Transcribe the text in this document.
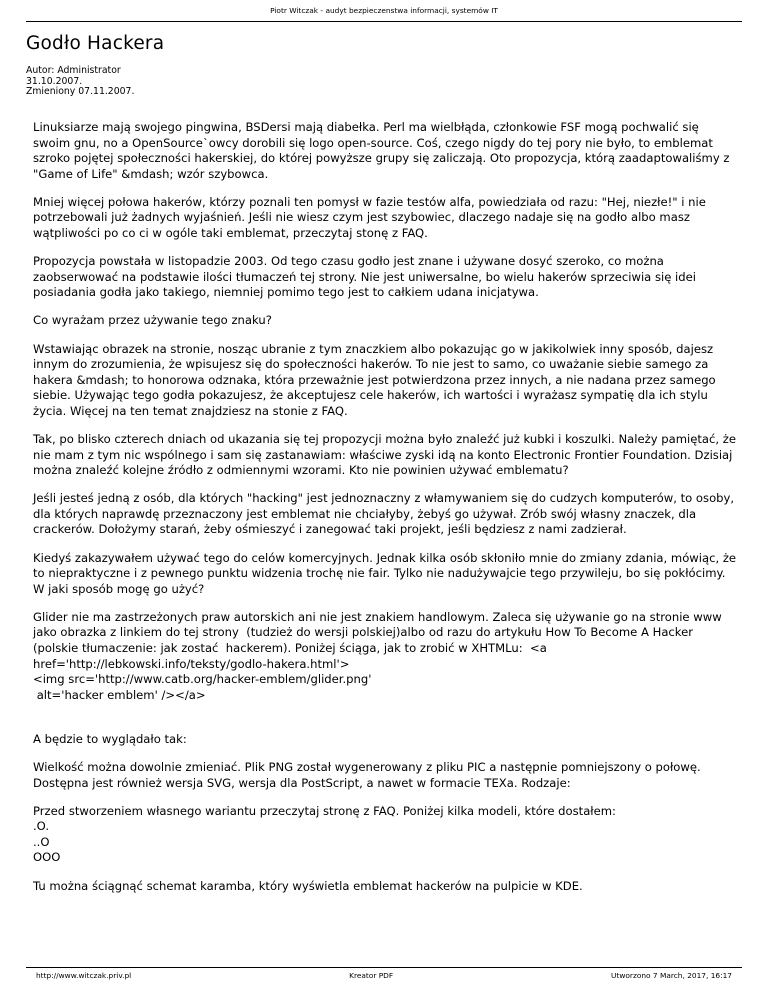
Piotr Witczak - audyt bezpieczenstwa informacji, systemów IT
Godło Hackera
Autor: Administrator
31.10.2007.
Zmieniony 07.11.2007.

Linuksiarze mają swojego pingwina, BSDersi mają diabełka. Perl ma wielbłąda, członkowie FSF mogą pochwalić się swoim gnu, no a OpenSource`owcy dorobili się logo open-source. Coś, czego nigdy do tej pory nie było, to emblemat szroko pojętej społeczności hakerskiej, do której powyższe grupy się zaliczają. Oto propozycja, którą zaadaptowaliśmy z "Game of Life" &mdash; wzór szybowca.

Mniej więcej połowa hakerów, którzy poznali ten pomysł w fazie testów alfa, powiedziała od razu: "Hej, niezłe!" i nie potrzebowali już żadnych wyjaśnień. Jeśli nie wiesz czym jest szybowiec, dlaczego nadaje się na godło albo masz wątpliwości po co ci w ogóle taki emblemat, przeczytaj stonę z FAQ.

Propozycja powstała w listopadzie 2003. Od tego czasu godło jest znane i używane dosyć szeroko, co można zaobserwować na podstawie ilości tłumaczeń tej strony. Nie jest uniwersalne, bo wielu hakerów sprzeciwia się idei posiadania godła jako takiego, niemniej pomimo tego jest to całkiem udana inicjatywa.

Co wyrażam przez używanie tego znaku?

Wstawiając obrazek na stronie, nosząc ubranie z tym znaczkiem albo pokazując go w jakikolwiek inny sposób, dajesz innym do zrozumienia, że wpisujesz się do społeczności hakerów. To nie jest to samo, co uważanie siebie samego za hakera &mdash; to honorowa odznaka, która przeważnie jest potwierdzona przez innych, a nie nadana przez samego siebie. Używając tego godła pokazujesz, że akceptujesz cele hakerów, ich wartości i wyrażasz sympatię dla ich stylu życia. Więcej na ten temat znajdziesz na stonie z FAQ.

Tak, po blisko czterech dniach od ukazania się tej propozycji można było znaleźć już kubki i koszulki. Należy pamiętać, że nie mam z tym nic wspólnego i sam się zastanawiam: właściwe zyski idą na konto Electronic Frontier Foundation. Dzisiaj można znaleźć kolejne źródło z odmiennymi wzorami. Kto nie powinien używać emblematu?

Jeśli jesteś jedną z osób, dla których "hacking" jest jednoznaczny z włamywaniem się do cudzych komputerów, to osoby, dla których naprawdę przeznaczony jest emblemat nie chciałyby, żebyś go używał. Zrób swój własny znaczek, dla crackerów. Dołożymy starań, żeby ośmieszyć i zanegować taki projekt, jeśli będziesz z nami zadzierał.

Kiedyś zakazywałem używać tego do celów komercyjnych. Jednak kilka osób skłoniło mnie do zmiany zdania, mówiąc, że to niepraktyczne i z pewnego punktu widzenia trochę nie fair. Tylko nie nadużywajcie tego przywileju, bo się pokłócimy. W jaki sposób mogę go użyć?

Glider nie ma zastrzeżonych praw autorskich ani nie jest znakiem handlowym. Zaleca się używanie go na stronie www jako obrazka z linkiem do tej strony  (tudzież do wersji polskiej)albo od razu do artykułu How To Become A Hacker (polskie tłumaczenie: jak zostać  hackerem). Poniżej ściąga, jak to zrobić w XHTMLu:  <a href='http://lebkowski.info/teksty/godlo-hakera.html'>
<img src='http://www.catb.org/hacker-emblem/glider.png'
alt='hacker emblem' /></a>

A będzie to wyglądało tak:

Wielkość można dowolnie zmieniać. Plik PNG został wygenerowany z pliku PIC a następnie pomniejszony o połowę. Dostępna jest również wersja SVG, wersja dla PostScript, a nawet w formacie TEXa. Rodzaje:

Przed stworzeniem własnego wariantu przeczytaj stronę z FAQ. Poniżej kilka modeli, które dostałem:
.O.
..O
OOO

Tu można ściągnąć schemat karamba, który wyświetla emblemat hackerów na pulpicie w KDE.

http://www.witczak.priv.pl	Kreator PDF	Utworzono 7 March, 2017, 16:17
